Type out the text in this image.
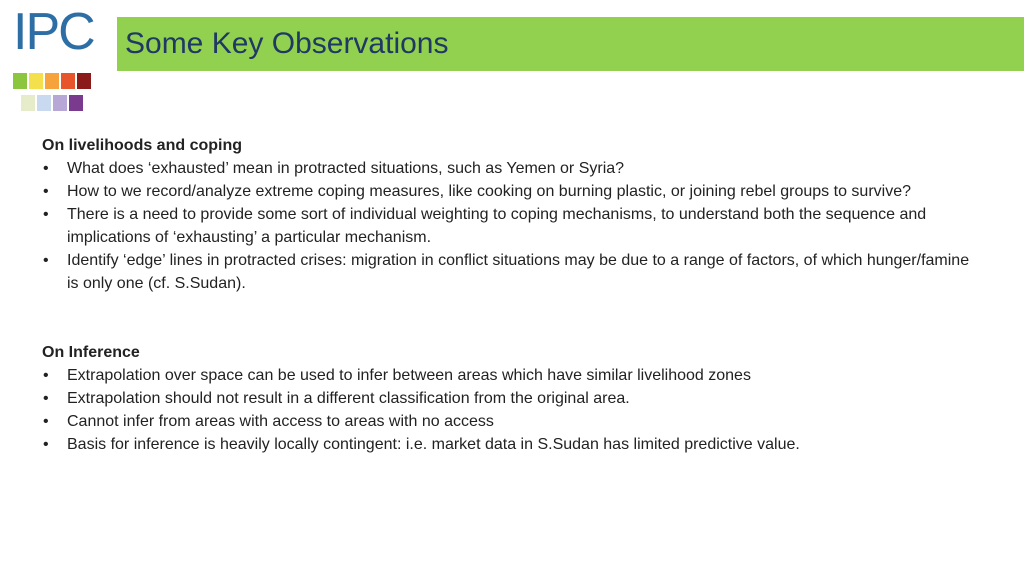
IPC Some Key Observations
On livelihoods and coping
• What does ‘exhausted’ mean in protracted situations, such as Yemen or Syria?
• How to we record/analyze extreme coping measures, like cooking on burning plastic, or joining rebel groups to survive?
• There is a need to provide some sort of individual weighting to coping mechanisms, to understand both the sequence and implications of ‘exhausting’ a particular mechanism.
• Identify ‘edge’ lines in protracted crises: migration in conflict situations may be due to a range of factors, of which hunger/famine is only one (cf. S.Sudan).
On Inference
• Extrapolation over space can be used to infer between areas which have similar livelihood zones
• Extrapolation should not result in a different classification from the original area.
• Cannot infer from areas with access to areas with no access
• Basis for inference is heavily locally contingent: i.e. market data in S.Sudan has limited predictive value.
